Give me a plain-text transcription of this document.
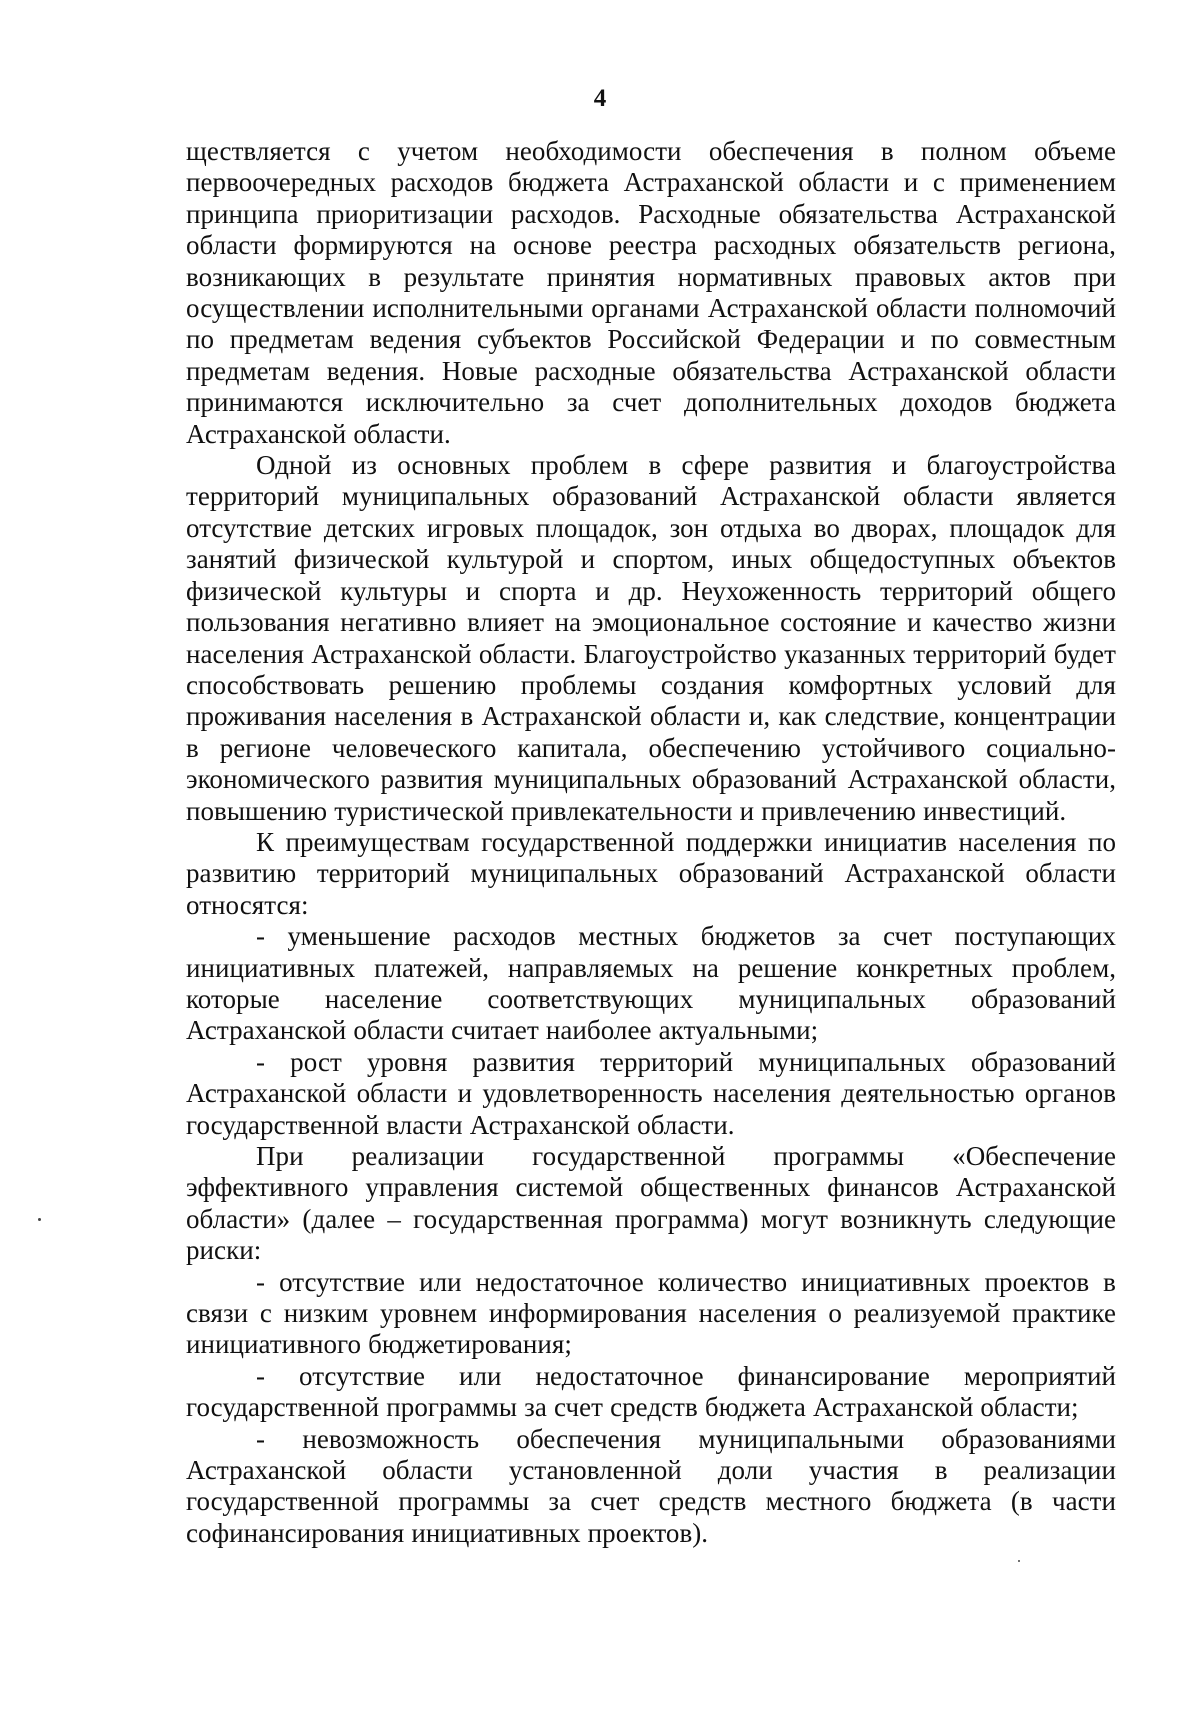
4

ществляется с учетом необходимости обеспечения в полном объеме первоочередных расходов бюджета Астраханской области и с применением принципа приоритизации расходов. Расходные обязательства Астраханской области формируются на основе реестра расходных обязательств региона, возникающих в результате принятия нормативных правовых актов при осуществлении исполнительными органами Астраханской области полномочий по предметам ведения субъектов Российской Федерации и по совместным предметам ведения. Новые расходные обязательства Астраханской области принимаются исключительно за счет дополнительных доходов бюджета Астраханской области.

Одной из основных проблем в сфере развития и благоустройства территорий муниципальных образований Астраханской области является отсутствие детских игровых площадок, зон отдыха во дворах, площадок для занятий физической культурой и спортом, иных общедоступных объектов физической культуры и спорта и др. Неухоженность территорий общего пользования негативно влияет на эмоциональное состояние и качество жизни населения Астраханской области. Благоустройство указанных территорий будет способствовать решению проблемы создания комфортных условий для проживания населения в Астраханской области и, как следствие, концентрации в регионе человеческого капитала, обеспечению устойчивого социально-экономического развития муниципальных образований Астраханской области, повышению туристической привлекательности и привлечению инвестиций.

К преимуществам государственной поддержки инициатив населения по развитию территорий муниципальных образований Астраханской области относятся:

- уменьшение расходов местных бюджетов за счет поступающих инициативных платежей, направляемых на решение конкретных проблем, которые население соответствующих муниципальных образований Астраханской области считает наиболее актуальными;

- рост уровня развития территорий муниципальных образований Астраханской области и удовлетворенность населения деятельностью органов государственной власти Астраханской области.

При реализации государственной программы «Обеспечение эффективного управления системой общественных финансов Астраханской области» (далее – государственная программа) могут возникнуть следующие риски:

- отсутствие или недостаточное количество инициативных проектов в связи с низким уровнем информирования населения о реализуемой практике инициативного бюджетирования;

- отсутствие или недостаточное финансирование мероприятий государственной программы за счет средств бюджета Астраханской области;

- невозможность обеспечения муниципальными образованиями Астраханской области установленной доли участия в реализации государственной программы за счет средств местного бюджета (в части софинансирования инициативных проектов).
